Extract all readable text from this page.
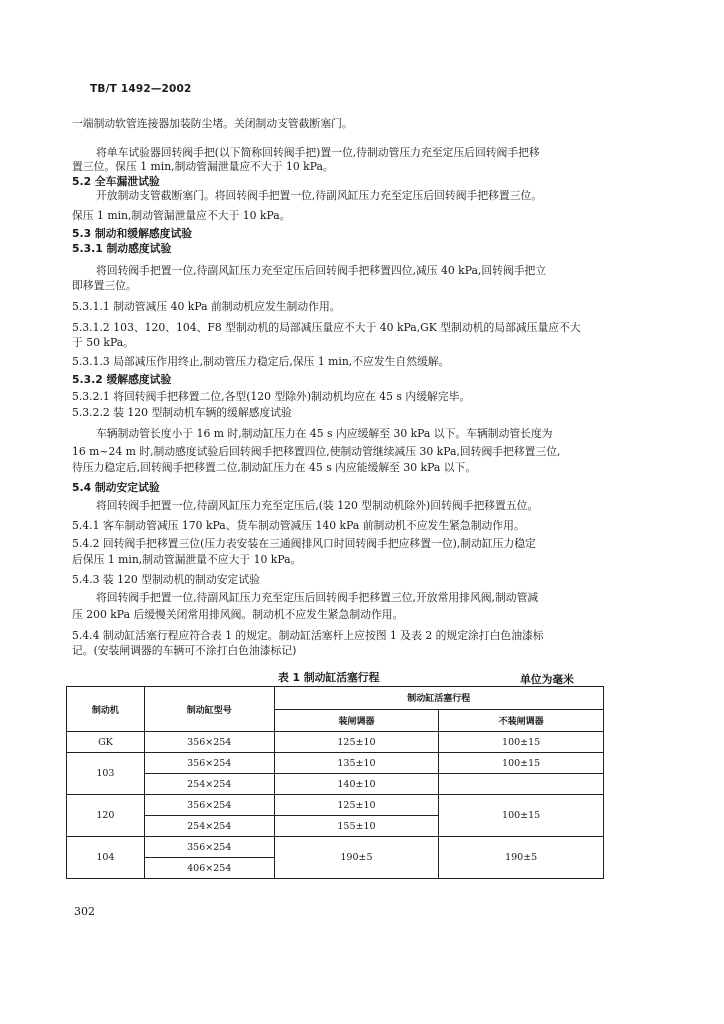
TB/T 1492—2002
一端制动软管连接器加装防尘堵。关闭制动支管截断塞门。
将单车试验器回转阀手把(以下简称回转阀手把)置一位,待制动管压力充至定压后回转阀手把移
置三位。保压 1 min,制动管漏泄量应不大于 10 kPa。
5.2 全车漏泄试验
开放制动支管截断塞门。将回转阀手把置一位,待副风缸压力充至定压后回转阀手把移置三位。
保压 1 min,制动管漏泄量应不大于 10 kPa。
5.3 制动和缓解感度试验
5.3.1 制动感度试验
将回转阀手把置一位,待副风缸压力充至定压后回转阀手把移置四位,减压 40 kPa,回转阀手把立
即移置三位。
5.3.1.1 制动管减压 40 kPa 前制动机应发生制动作用。
5.3.1.2 103、120、104、F8 型制动机的局部减压量应不大于 40 kPa,GK 型制动机的局部减压量应不大
于 50 kPa。
5.3.1.3 局部减压作用终止,制动管压力稳定后,保压 1 min,不应发生自然缓解。
5.3.2 缓解感度试验
5.3.2.1 将回转阀手把移置二位,各型(120 型除外)制动机均应在 45 s 内缓解完毕。
5.3.2.2 装 120 型制动机车辆的缓解感度试验
车辆制动管长度小于 16 m 时,制动缸压力在 45 s 内应缓解至 30 kPa 以下。车辆制动管长度为
16 m~24 m 时,制动感度试验后回转阀手把移置四位,使制动管继续减压 30 kPa,回转阀手把移置三位,
待压力稳定后,回转阀手把移置二位,制动缸压力在 45 s 内应能缓解至 30 kPa 以下。
5.4 制动安定试验
将回转阀手把置一位,待副风缸压力充至定压后,(装 120 型制动机除外)回转阀手把移置五位。
5.4.1 客车制动管减压 170 kPa、货车制动管减压 140 kPa 前制动机不应发生紧急制动作用。
5.4.2 回转阀手把移置三位(压力表安装在三通阀排风口时回转阀手把应移置一位),制动缸压力稳定
后保压 1 min,制动管漏泄量不应大于 10 kPa。
5.4.3 装 120 型制动机的制动安定试验
将回转阀手把置一位,待副风缸压力充至定压后回转阀手把移置三位,开放常用排风阀,制动管减
压 200 kPa 后缓慢关闭常用排风阀。制动机不应发生紧急制动作用。
5.4.4 制动缸活塞行程应符合表 1 的规定。制动缸活塞杆上应按图 1 及表 2 的规定涂打白色油漆标
记。(安装闸调器的车辆可不涂打白色油漆标记)
表 1 制动缸活塞行程	单位为毫米
制动机	制动缸型号	制动缸活塞行程	
		装闸调器	不装闸调器
GK	356×254	125±10	100±15
103	356×254	135±10	100±15
	254×254	140±10	
120	356×254	125±10	100±15
	254×254	155±10	
104	356×254	190±5	190±5
	406×254		
302
